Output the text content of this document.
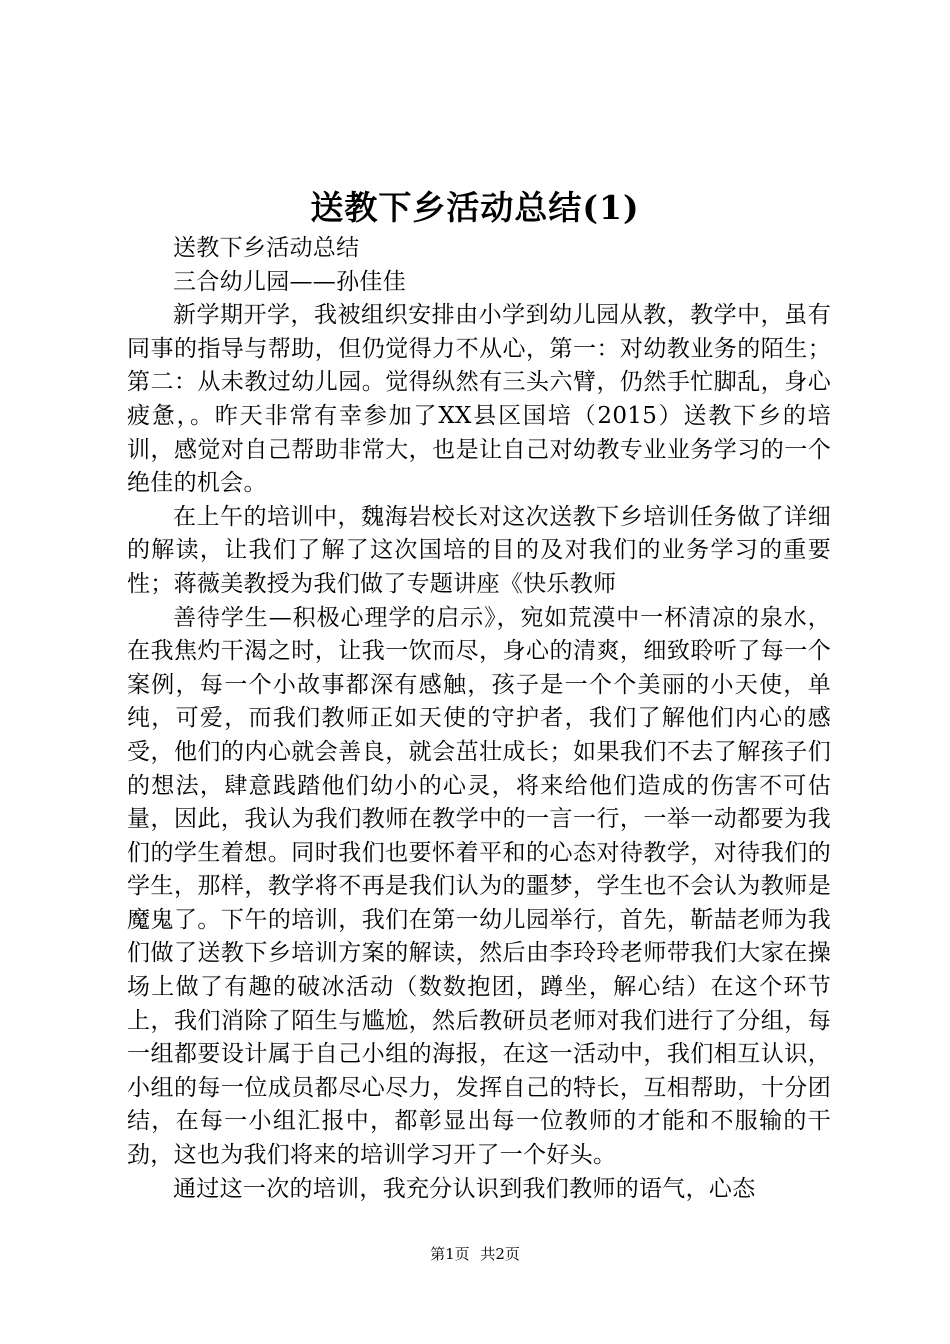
送教下乡活动总结(1)

送教下乡活动总结

三合幼儿园——孙佳佳

新学期开学，我被组织安排由小学到幼儿园从教，教学中，虽有同事的指导与帮助，但仍觉得力不从心，第一：对幼教业务的陌生；第二：从未教过幼儿园。觉得纵然有三头六臂，仍然手忙脚乱，身心疲惫，。昨天非常有幸参加了XX县区国培（2015）送教下乡的培训，感觉对自己帮助非常大，也是让自己对幼教专业业务学习的一个绝佳的机会。

在上午的培训中，魏海岩校长对这次送教下乡培训任务做了详细的解读，让我们了解了这次国培的目的及对我们的业务学习的重要性；蒋薇美教授为我们做了专题讲座《快乐教师

善待学生—积极心理学的启示》，宛如荒漠中一杯清凉的泉水，在我焦灼干渴之时，让我一饮而尽，身心的清爽，细致聆听了每一个案例，每一个小故事都深有感触，孩子是一个个美丽的小天使，单纯，可爱，而我们教师正如天使的守护者，我们了解他们内心的感受，他们的内心就会善良，就会茁壮成长；如果我们不去了解孩子们的想法，肆意践踏他们幼小的心灵，将来给他们造成的伤害不可估量，因此，我认为我们教师在教学中的一言一行，一举一动都要为我们的学生着想。同时我们也要怀着平和的心态对待教学，对待我们的学生，那样，教学将不再是我们认为的噩梦，学生也不会认为教师是魔鬼了。下午的培训，我们在第一幼儿园举行，首先，靳喆老师为我们做了送教下乡培训方案的解读，然后由李玲玲老师带我们大家在操场上做了有趣的破冰活动（数数抱团，蹲坐，解心结）在这个环节上，我们消除了陌生与尴尬，然后教研员老师对我们进行了分组，每一组都要设计属于自己小组的海报，在这一活动中，我们相互认识，小组的每一位成员都尽心尽力，发挥自己的特长，互相帮助，十分团结，在每一小组汇报中，都彰显出每一位教师的才能和不服输的干劲，这也为我们将来的培训学习开了一个好头。

通过这一次的培训，我充分认识到我们教师的语气，心态

第1页 共2页
